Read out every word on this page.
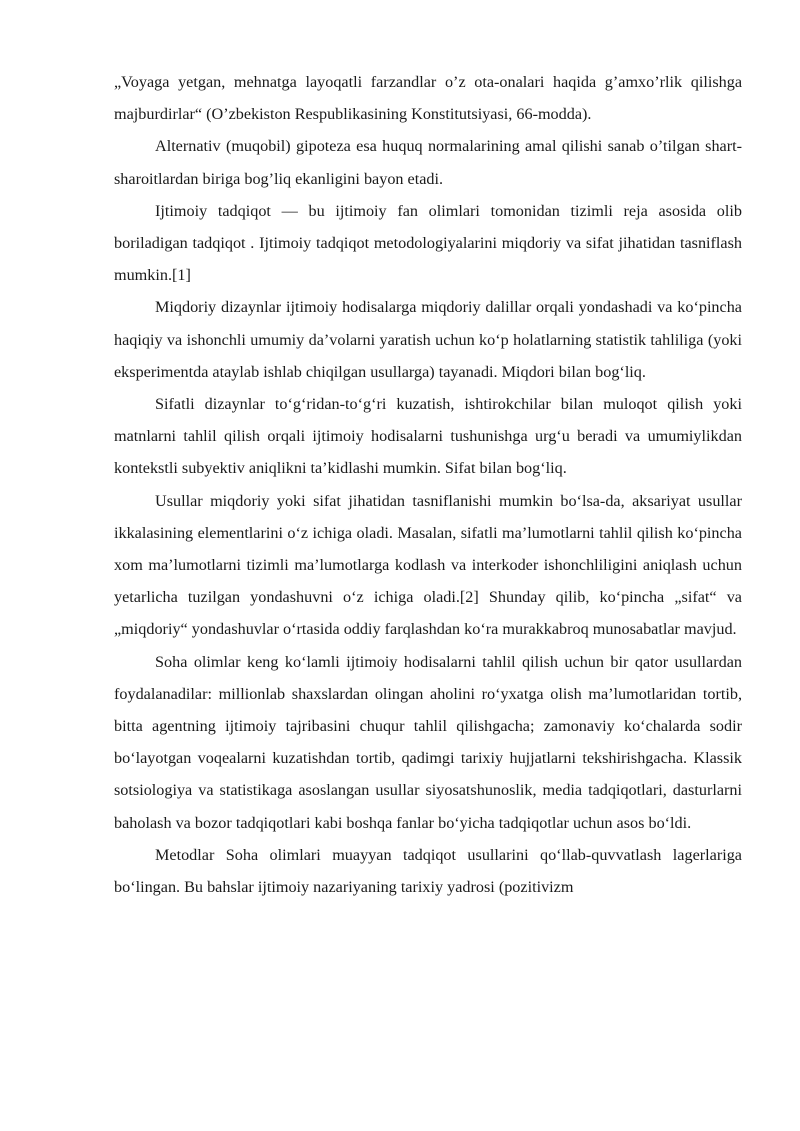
„Voyaga yetgan, mehnatga layoqatli farzandlar o’z ota-onalari haqida g’amxo’rlik qilishga majburdirlar“ (O’zbekiston Respublikasining Konstitutsiyasi, 66-modda).

Alternativ (muqobil) gipoteza esa huquq normalarining amal qilishi sanab o’tilgan shart-sharoitlardan biriga bog’liq ekanligini bayon etadi.

Ijtimoiy tadqiqot — bu ijtimoiy fan olimlari tomonidan tizimli reja asosida olib boriladigan tadqiqot . Ijtimoiy tadqiqot metodologiyalarini miqdoriy va sifat jihatidan tasniflash mumkin.[1]

Miqdoriy dizaynlar ijtimoiy hodisalarga miqdoriy dalillar orqali yondashadi va ko‘pincha haqiqiy va ishonchli umumiy da’volarni yaratish uchun ko‘p holatlarning statistik tahliliga (yoki eksperimentda ataylab ishlab chiqilgan usullarga) tayanadi. Miqdori bilan bog‘liq.

Sifatli dizaynlar to‘g‘ridan-to‘g‘ri kuzatish, ishtirokchilar bilan muloqot qilish yoki matnlarni tahlil qilish orqali ijtimoiy hodisalarni tushunishga urg‘u beradi va umumiylikdan kontekstli subyektiv aniqlikni ta’kidlashi mumkin. Sifat bilan bog‘liq.

Usullar miqdoriy yoki sifat jihatidan tasniflanishi mumkin bo‘lsa-da, aksariyat usullar ikkalasining elementlarini o‘z ichiga oladi. Masalan, sifatli ma’lumotlarni tahlil qilish ko‘pincha xom ma’lumotlarni tizimli ma’lumotlarga kodlash va interkoder ishonchliligini aniqlash uchun yetarlicha tuzilgan yondashuvni o‘z ichiga oladi.[2] Shunday qilib, ko‘pincha „sifat“ va „miqdoriy“ yondashuvlar o‘rtasida oddiy farqlashdan ko‘ra murakkabroq munosabatlar mavjud.

Soha olimlar keng ko‘lamli ijtimoiy hodisalarni tahlil qilish uchun bir qator usullardan foydalanadilar: millionlab shaxslardan olingan aholini ro‘yxatga olish ma’lumotlaridan tortib, bitta agentning ijtimoiy tajribasini chuqur tahlil qilishgacha; zamonaviy ko‘chalarda sodir bo‘layotgan voqealarni kuzatishdan tortib, qadimgi tarixiy hujjatlarni tekshirishgacha. Klassik sotsiologiya va statistikaga asoslangan usullar siyosatshunoslik, media tadqiqotlari, dasturlarni baholash va bozor tadqiqotlari kabi boshqa fanlar bo‘yicha tadqiqotlar uchun asos bo‘ldi.

Metodlar Soha olimlari muayyan tadqiqot usullarini qo‘llab-quvvatlash lagerlariga bo‘lingan. Bu bahslar ijtimoiy nazariyaning tarixiy yadrosi (pozitivizm
